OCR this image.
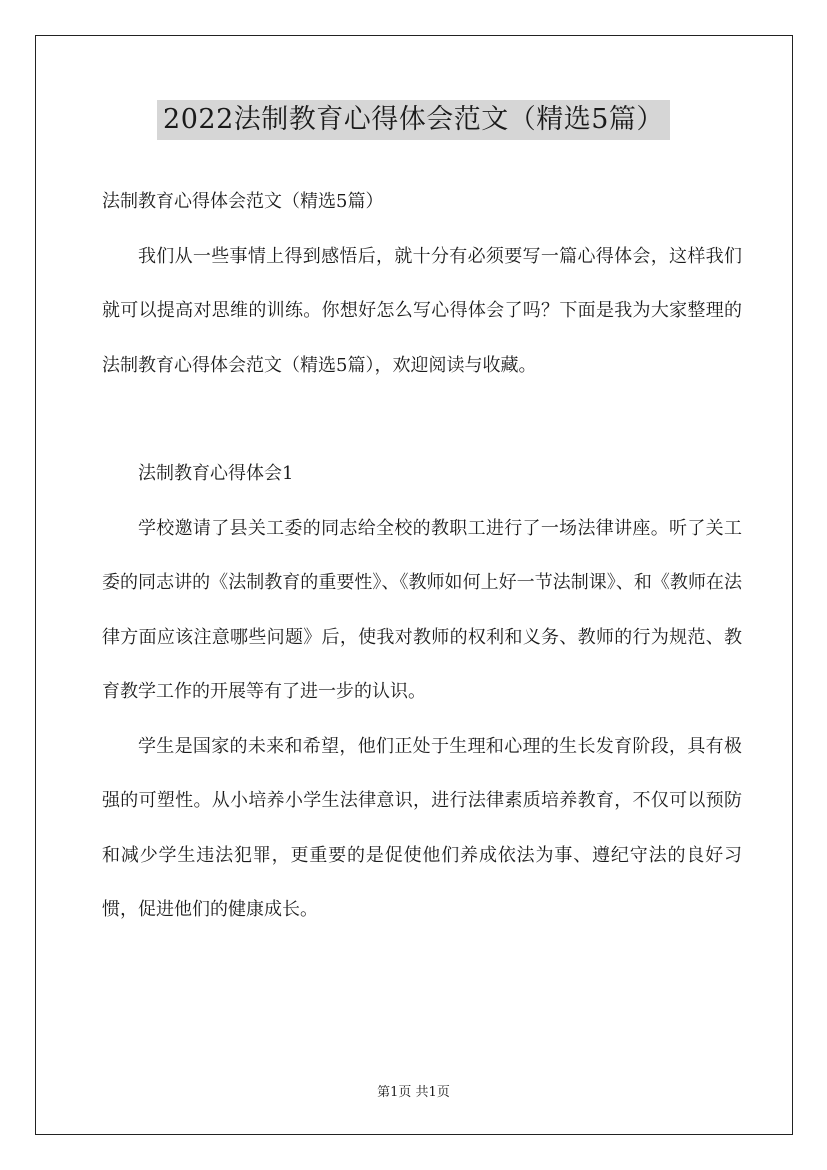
2022法制教育心得体会范文（精选5篇）

法制教育心得体会范文（精选5篇）

我们从一些事情上得到感悟后，就十分有必须要写一篇心得体会，这样我们就可以提高对思维的训练。你想好怎么写心得体会了吗？下面是我为大家整理的法制教育心得体会范文（精选5篇），欢迎阅读与收藏。

法制教育心得体会1

学校邀请了县关工委的同志给全校的教职工进行了一场法律讲座。听了关工委的同志讲的《法制教育的重要性》、《教师如何上好一节法制课》、和《教师在法律方面应该注意哪些问题》后，使我对教师的权利和义务、教师的行为规范、教育教学工作的开展等有了进一步的认识。

学生是国家的未来和希望，他们正处于生理和心理的生长发育阶段，具有极强的可塑性。从小培养小学生法律意识，进行法律素质培养教育，不仅可以预防和减少学生违法犯罪，更重要的是促使他们养成依法为事、遵纪守法的良好习惯，促进他们的健康成长。

第1页 共1页
